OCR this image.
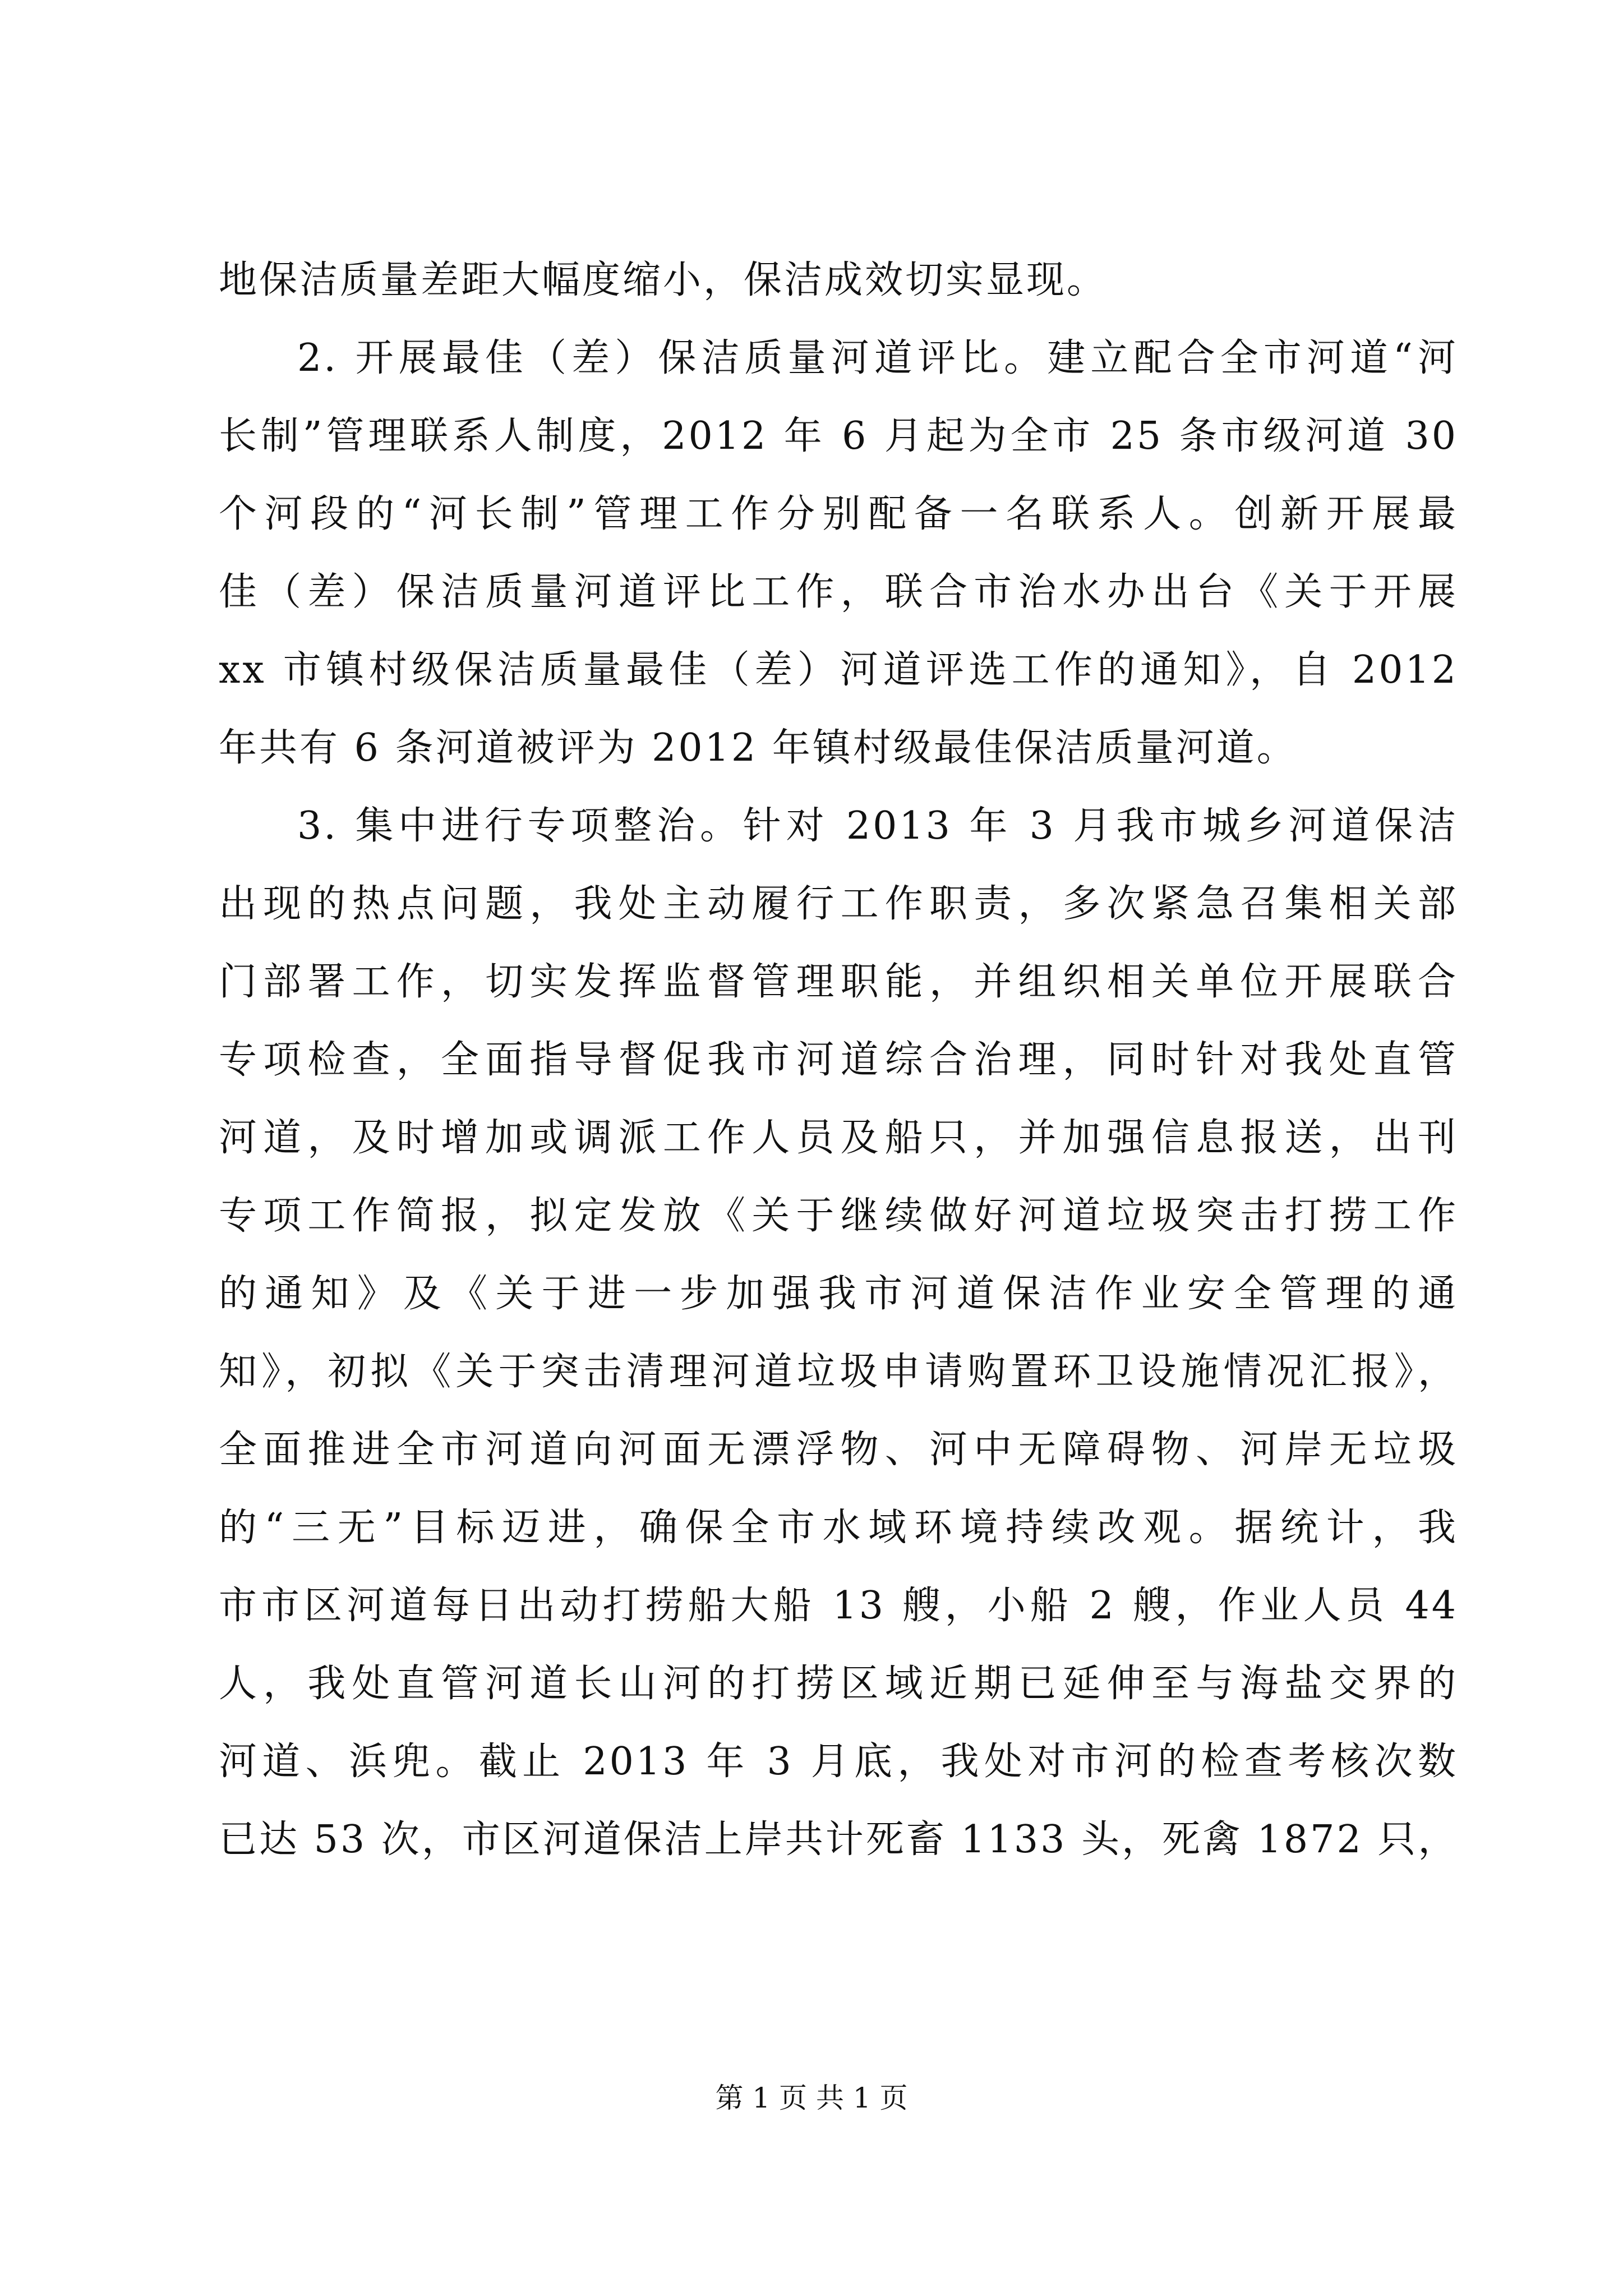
地保洁质量差距大幅度缩小，保洁成效切实显现。
2. 开展最佳（差）保洁质量河道评比。建立配合全市河道“河
长制”管理联系人制度，2012 年 6 月起为全市 25 条市级河道 30
个河段的“河长制”管理工作分别配备一名联系人。创新开展最
佳（差）保洁质量河道评比工作，联合市治水办出台《关于开展
xx 市镇村级保洁质量最佳（差）河道评选工作的通知》，自 2012
年共有 6 条河道被评为 2012 年镇村级最佳保洁质量河道。
3. 集中进行专项整治。针对 2013 年 3 月我市城乡河道保洁
出现的热点问题，我处主动履行工作职责，多次紧急召集相关部
门部署工作，切实发挥监督管理职能，并组织相关单位开展联合
专项检查，全面指导督促我市河道综合治理，同时针对我处直管
河道，及时增加或调派工作人员及船只，并加强信息报送，出刊
专项工作简报，拟定发放《关于继续做好河道垃圾突击打捞工作
的通知》及《关于进一步加强我市河道保洁作业安全管理的通
知》，初拟《关于突击清理河道垃圾申请购置环卫设施情况汇报》，
全面推进全市河道向河面无漂浮物、河中无障碍物、河岸无垃圾
的“三无”目标迈进，确保全市水域环境持续改观。据统计，我
市市区河道每日出动打捞船大船 13 艘，小船 2 艘，作业人员 44
人，我处直管河道长山河的打捞区域近期已延伸至与海盐交界的
河道、浜兜。截止 2013 年 3 月底，我处对市河的检查考核次数
已达 53 次，市区河道保洁上岸共计死畜 1133 头，死禽 1872 只，
第 1 页 共 1 页
